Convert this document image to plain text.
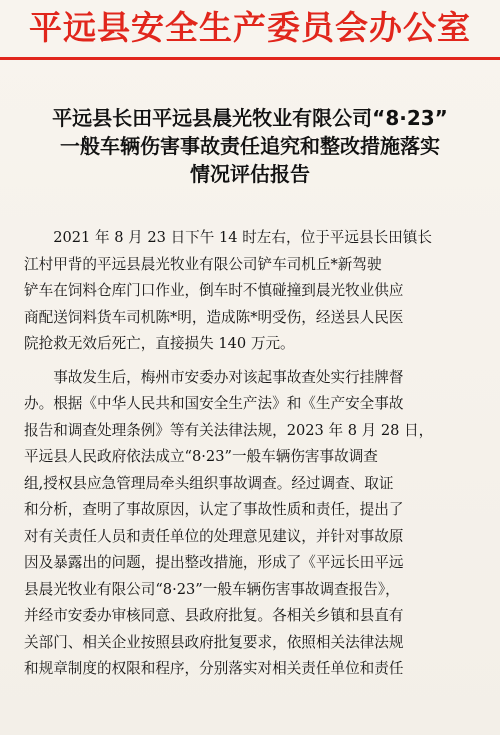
平远县安全生产委员会办公室
平远县长田平远县晨光牧业有限公司“8·23”
一般车辆伤害事故责任追究和整改措施落实
情况评估报告
　　2021 年 8 月 23 日下午 14 时左右，位于平远县长田镇长
江村甲背的平远县晨光牧业有限公司铲车司机丘*新驾驶
铲车在饲料仓库门口作业，倒车时不慎碰撞到晨光牧业供应
商配送饲料货车司机陈*明，造成陈*明受伤，经送县人民医
院抢救无效后死亡，直接损失 140 万元。
　　事故发生后，梅州市安委办对该起事故查处实行挂牌督
办。根据《中华人民共和国安全生产法》和《生产安全事故
报告和调查处理条例》等有关法律法规，2023 年 8 月 28 日，
平远县人民政府依法成立“8·23”一般车辆伤害事故调查
组,授权县应急管理局牵头组织事故调查。经过调查、取证
和分析，查明了事故原因，认定了事故性质和责任，提出了
对有关责任人员和责任单位的处理意见建议，并针对事故原
因及暴露出的问题，提出整改措施，形成了《平远长田平远
县晨光牧业有限公司“8·23”一般车辆伤害事故调查报告》，
并经市安委办审核同意、县政府批复。各相关乡镇和县直有
关部门、相关企业按照县政府批复要求，依照相关法律法规
和规章制度的权限和程序，分别落实对相关责任单位和责任
